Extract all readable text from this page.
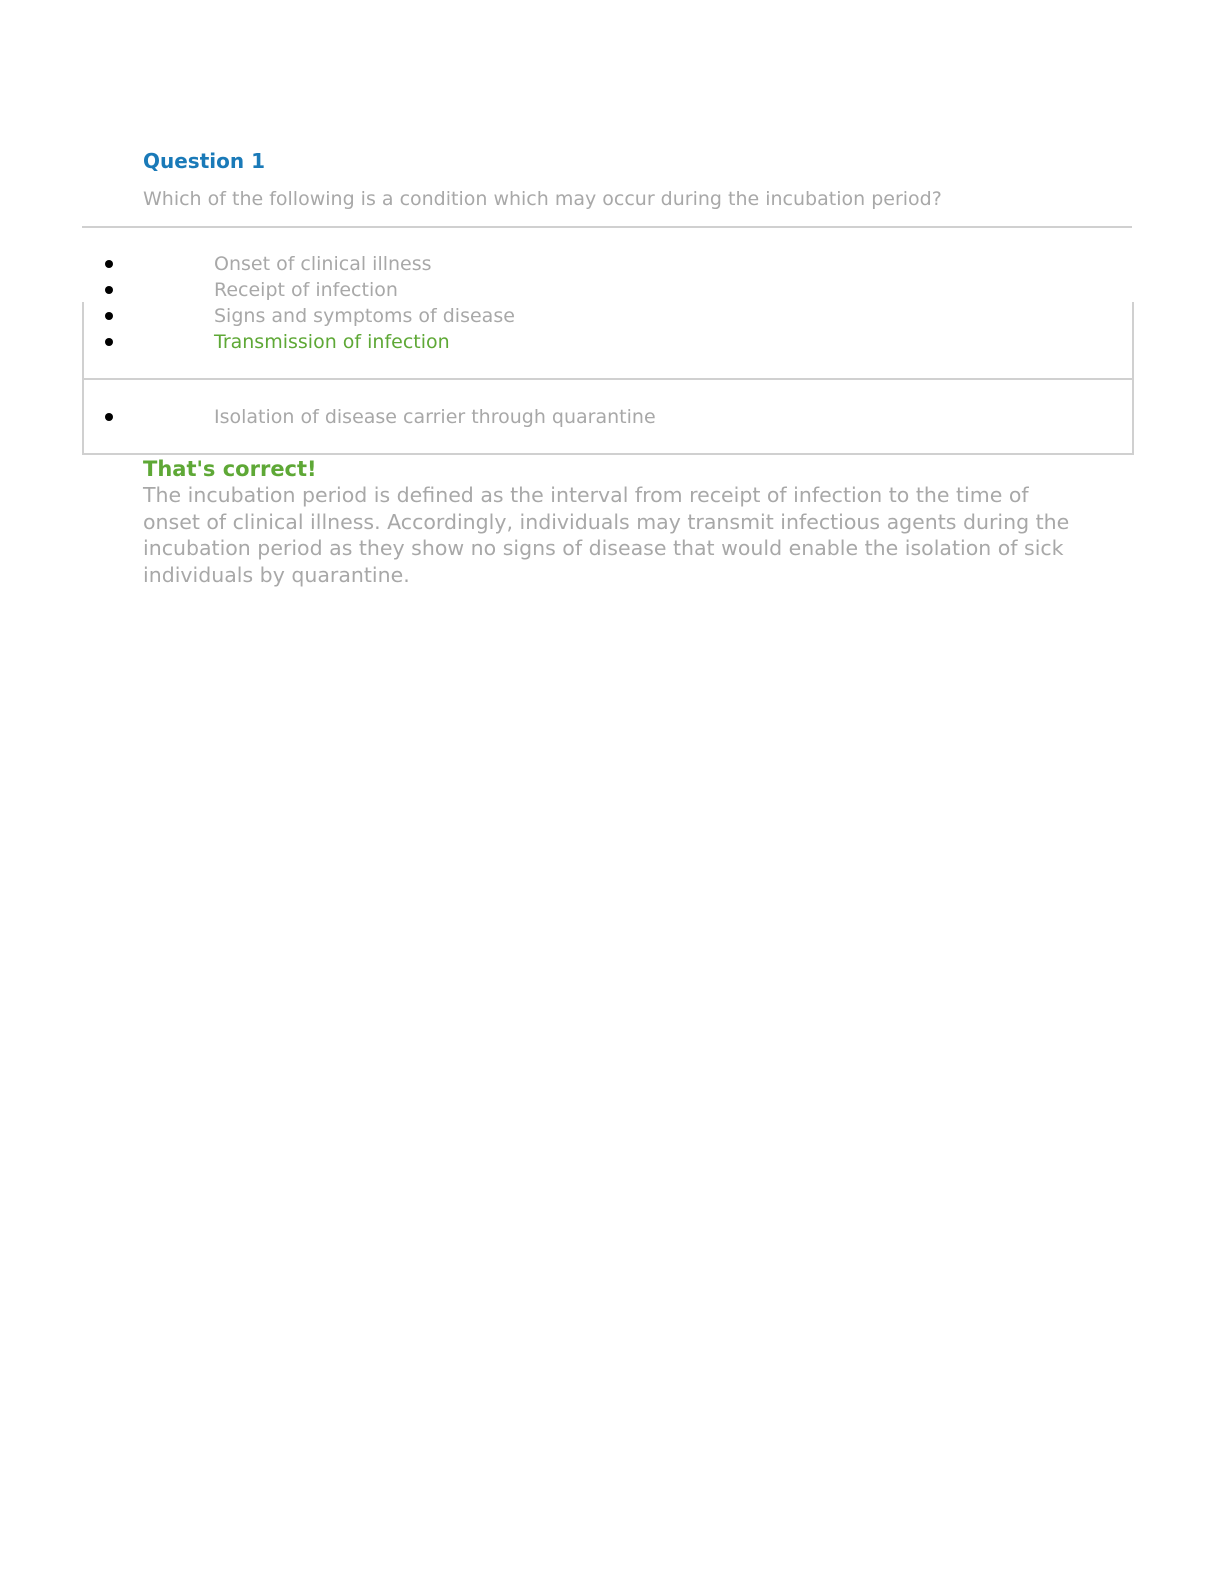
Question 1

Which of the following is a condition which may occur during the incubation period?

Onset of clinical illness
Receipt of infection
Signs and symptoms of disease
Transmission of infection
Isolation of disease carrier through quarantine
That's correct!

The incubation period is defined as the interval from receipt of infection to the time of onset of clinical illness. Accordingly, individuals may transmit infectious agents during the incubation period as they show no signs of disease that would enable the isolation of sick individuals by quarantine.
